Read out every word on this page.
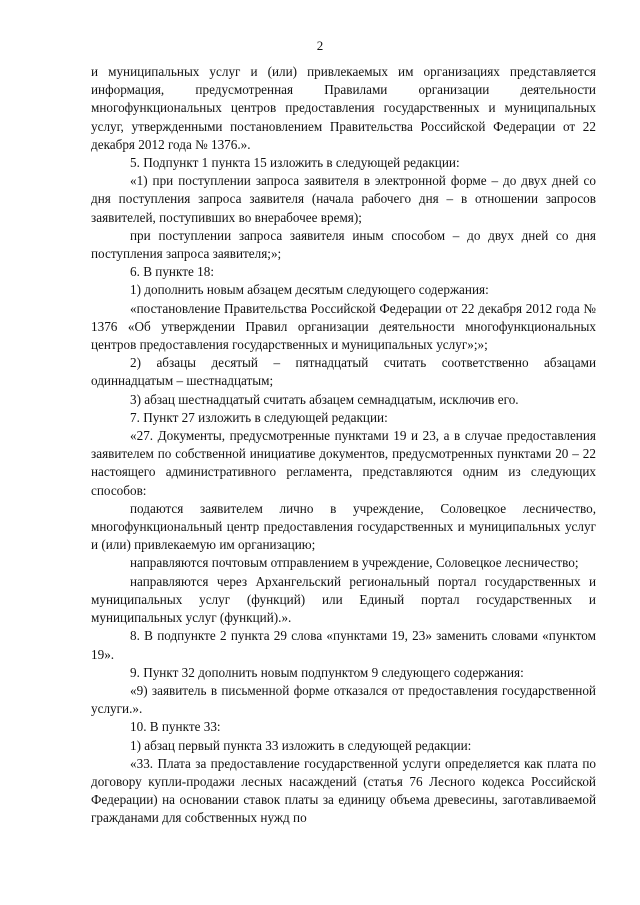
2

и муниципальных услуг и (или) привлекаемых им организациях представляется информация, предусмотренная Правилами организации деятельности многофункциональных центров предоставления государственных и муниципальных услуг, утвержденными постановлением Правительства Российской Федерации от 22 декабря 2012 года № 1376.».

5. Подпункт 1 пункта 15 изложить в следующей редакции:

«1) при поступлении запроса заявителя в электронной форме – до двух дней со дня поступления запроса заявителя (начала рабочего дня – в отношении запросов заявителей, поступивших во внерабочее время);

при поступлении запроса заявителя иным способом – до двух дней со дня поступления запроса заявителя;»;

6. В пункте 18:

1) дополнить новым абзацем десятым следующего содержания:

«постановление Правительства Российской Федерации от 22 декабря 2012 года № 1376 «Об утверждении Правил организации деятельности многофункциональных центров предоставления государственных и муниципальных услуг»;»;

2) абзацы десятый – пятнадцатый считать соответственно абзацами одиннадцатым – шестнадцатым;

3) абзац шестнадцатый считать абзацем семнадцатым, исключив его.

7. Пункт 27 изложить в следующей редакции:

«27. Документы, предусмотренные пунктами 19 и 23, а в случае предоставления заявителем по собственной инициативе документов, предусмотренных пунктами 20 – 22 настоящего административного регламента, представляются одним из следующих способов:

подаются заявителем лично в учреждение, Соловецкое лесничество, многофункциональный центр предоставления государственных и муниципальных услуг и (или) привлекаемую им организацию;

направляются почтовым отправлением в учреждение, Соловецкое лесничество;

направляются через Архангельский региональный портал государственных и муниципальных услуг (функций) или Единый портал государственных и муниципальных услуг (функций).».

8. В подпункте 2 пункта 29 слова «пунктами 19, 23» заменить словами «пунктом 19».

9. Пункт 32 дополнить новым подпунктом 9 следующего содержания:

«9) заявитель в письменной форме отказался от предоставления государственной услуги.».

10. В пункте 33:

1) абзац первый пункта 33 изложить в следующей редакции:

«33. Плата за предоставление государственной услуги определяется как плата по договору купли-продажи лесных насаждений (статья 76 Лесного кодекса Российской Федерации) на основании ставок платы за единицу объема древесины, заготавливаемой гражданами для собственных нужд по
